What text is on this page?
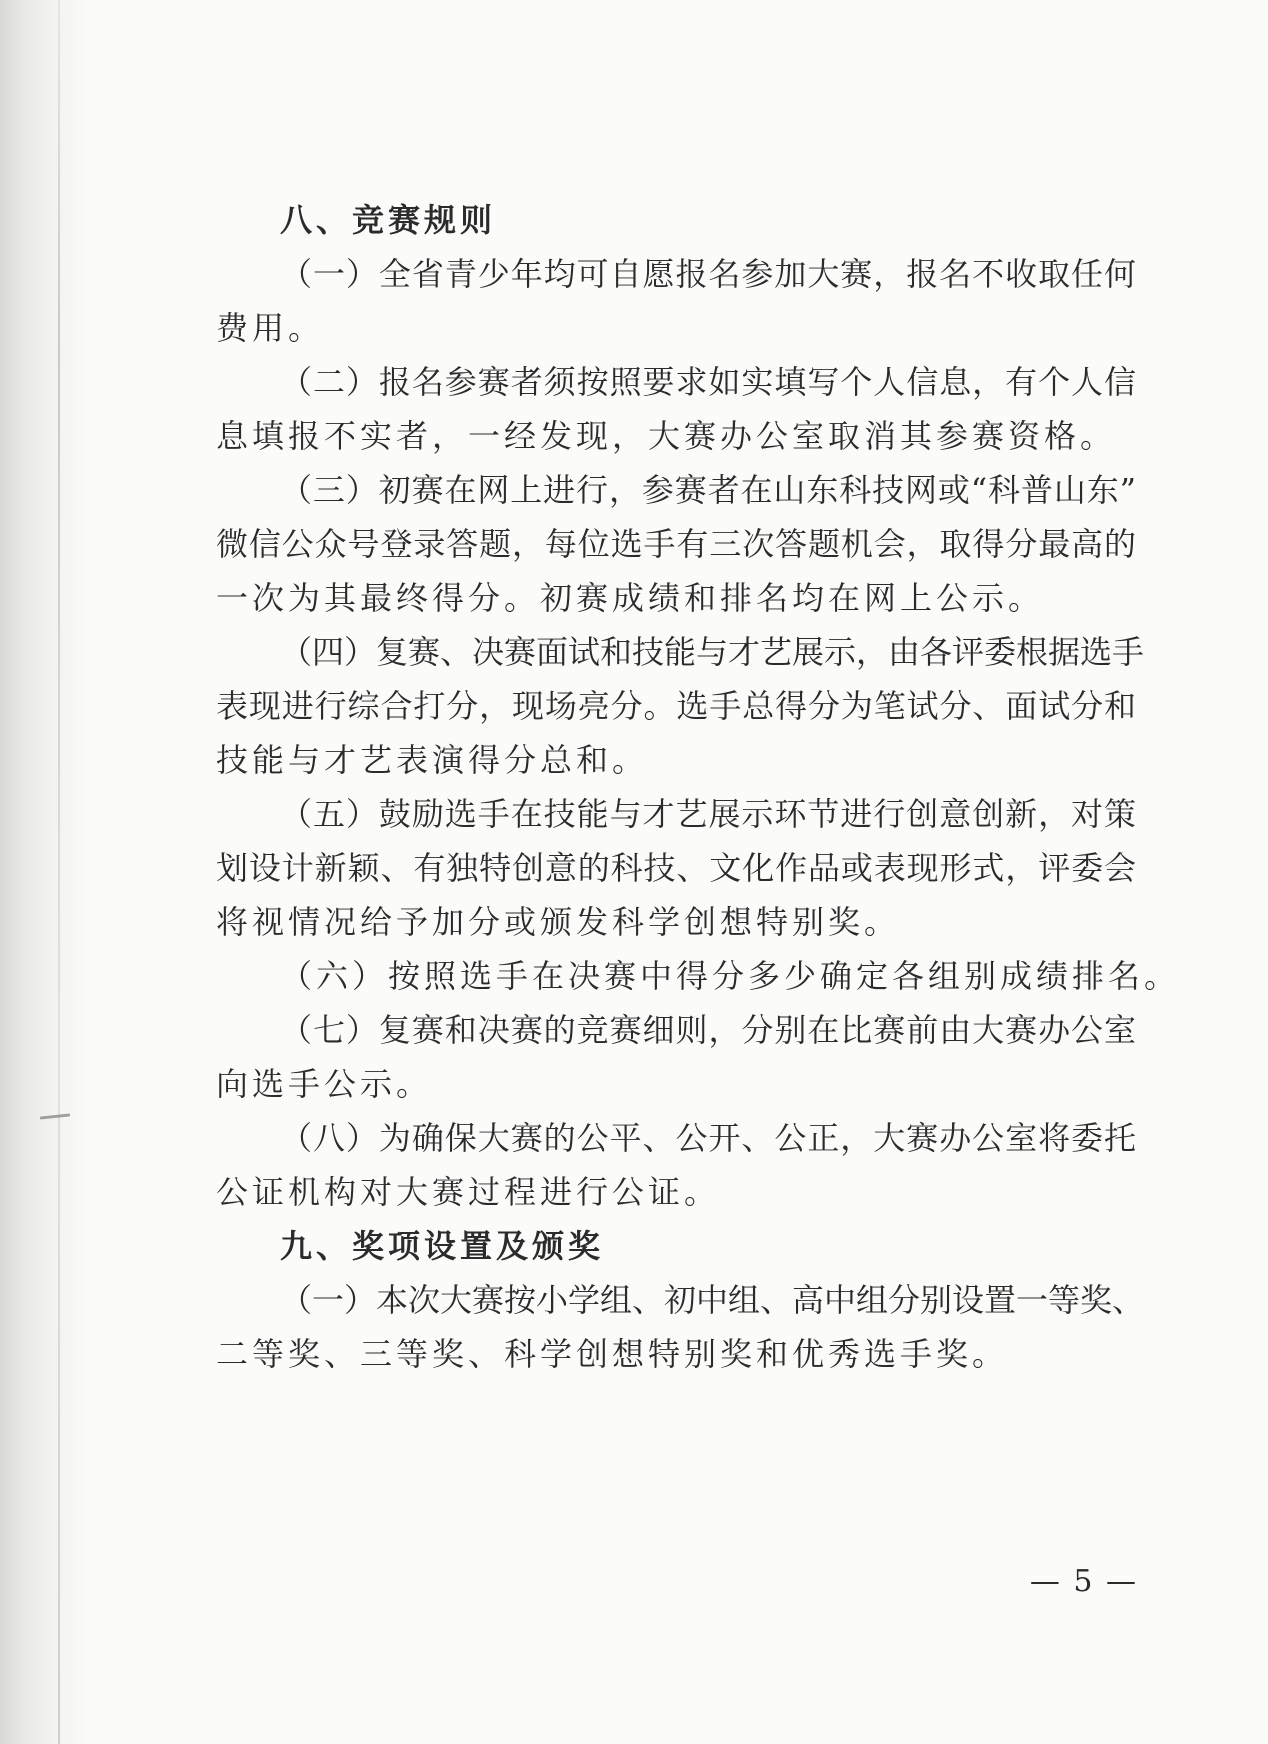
八、竞赛规则
（一）全省青少年均可自愿报名参加大赛，报名不收取任何
费用。
（二）报名参赛者须按照要求如实填写个人信息，有个人信
息填报不实者，一经发现，大赛办公室取消其参赛资格。
（三）初赛在网上进行，参赛者在山东科技网或“科普山东”
微信公众号登录答题，每位选手有三次答题机会，取得分最高的
一次为其最终得分。初赛成绩和排名均在网上公示。
（四）复赛、决赛面试和技能与才艺展示，由各评委根据选手
表现进行综合打分，现场亮分。选手总得分为笔试分、面试分和
技能与才艺表演得分总和。
（五）鼓励选手在技能与才艺展示环节进行创意创新，对策
划设计新颖、有独特创意的科技、文化作品或表现形式，评委会
将视情况给予加分或颁发科学创想特别奖。
（六）按照选手在决赛中得分多少确定各组别成绩排名。
（七）复赛和决赛的竞赛细则，分别在比赛前由大赛办公室
向选手公示。
（八）为确保大赛的公平、公开、公正，大赛办公室将委托
公证机构对大赛过程进行公证。
九、奖项设置及颁奖
（一）本次大赛按小学组、初中组、高中组分别设置一等奖、
二等奖、三等奖、科学创想特别奖和优秀选手奖。
— 5 —
